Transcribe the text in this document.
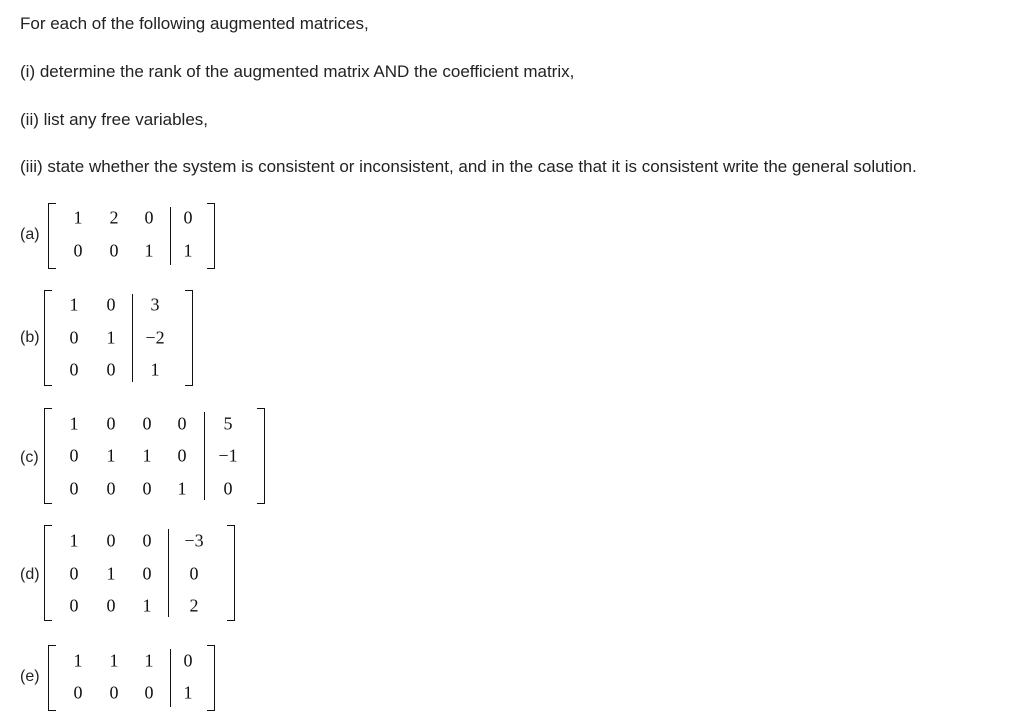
For each of the following augmented matrices,
(i) determine the rank of the augmented matrix AND the coefficient matrix,
(ii) list any free variables,
(iii) state whether the system is consistent or inconsistent, and in the case that it is consistent write the general solution.
(a)
1 2 0 0
0 0 1 1
(b)
1 0 3
0 1 −2
0 0 1
(c)
1 0 0 0 5
0 1 1 0 −1
0 0 0 1 0
(d)
1 0 0 −3
0 1 0 0
0 0 1 2
(e)
1 1 1 0
0 0 0 1
